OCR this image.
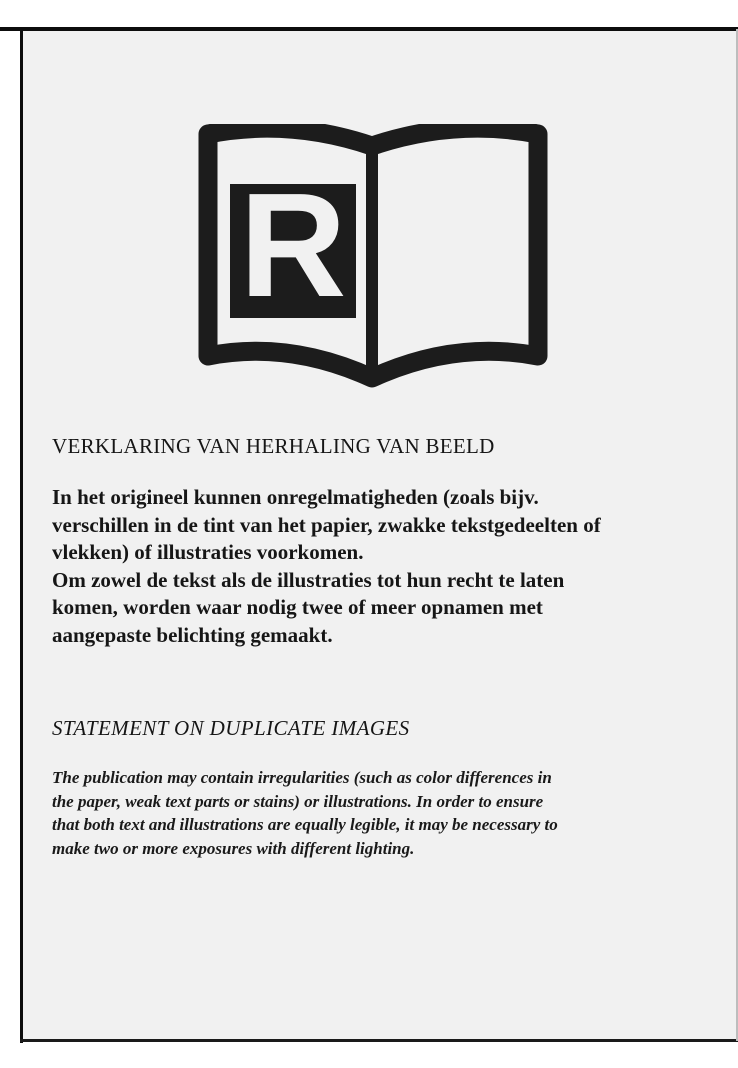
R
VERKLARING VAN HERHALING VAN BEELD

In het origineel kunnen onregelmatigheden (zoals bijv.

verschillen in de tint van het papier, zwakke tekstgedeelten of

vlekken) of illustraties voorkomen.

Om zowel de tekst als de illustraties tot hun recht te laten

komen, worden waar nodig twee of meer opnamen met

aangepaste belichting gemaakt.

STATEMENT ON DUPLICATE IMAGES
The publication may contain irregularities (such as color differences in
the paper, weak text parts or stains) or illustrations. In order to ensure
that both text and illustrations are equally legible, it may be necessary to
make two or more exposures with different lighting.
